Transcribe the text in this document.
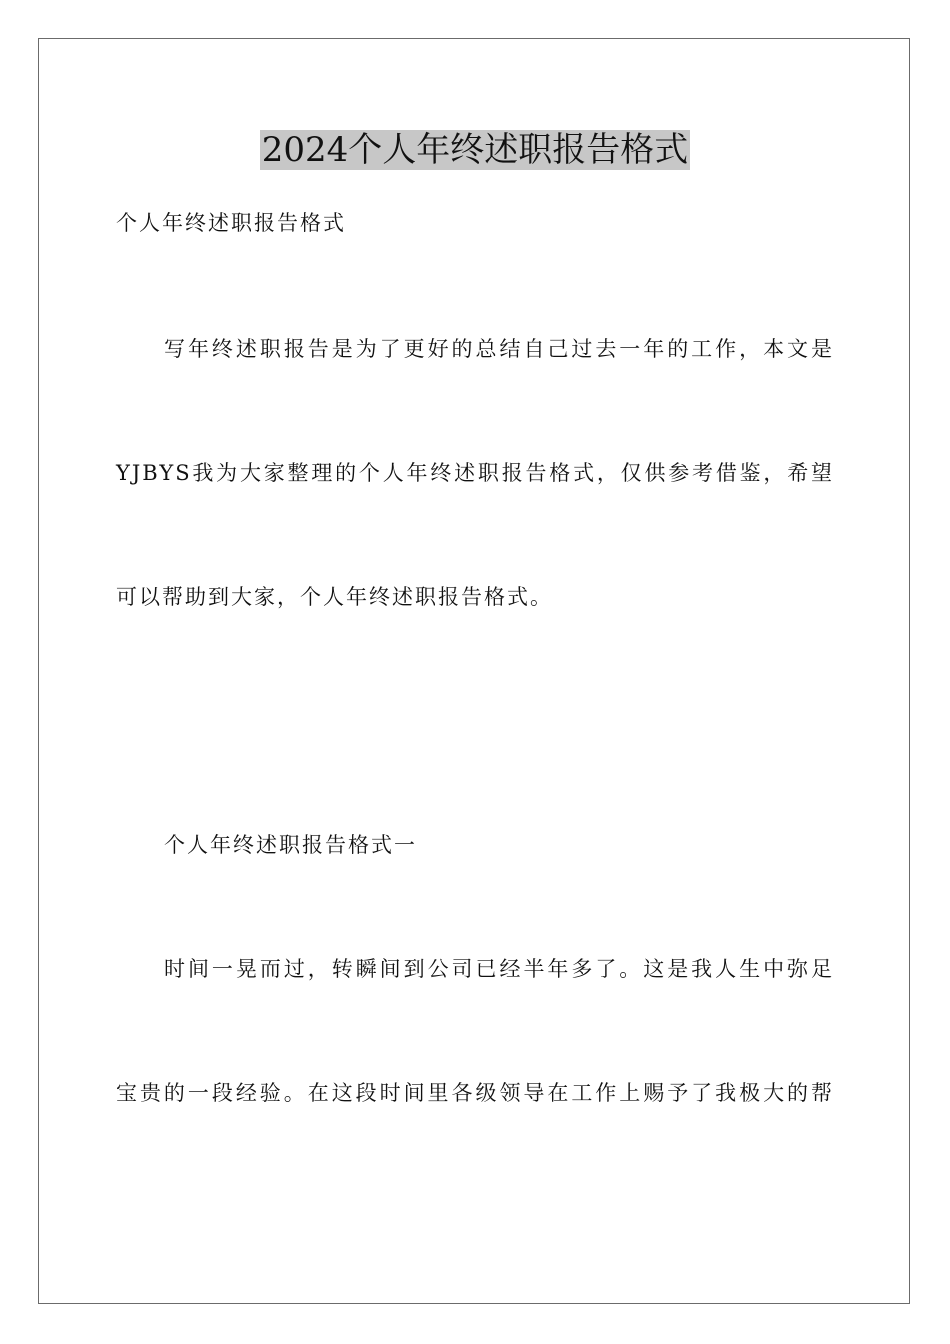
2024个人年终述职报告格式
个人年终述职报告格式
写年终述职报告是为了更好的总结自己过去一年的工作，本文是
YJBYS我为大家整理的个人年终述职报告格式，仅供参考借鉴，希望
可以帮助到大家，个人年终述职报告格式。
个人年终述职报告格式一
时间一晃而过，转瞬间到公司已经半年多了。这是我人生中弥足
宝贵的一段经验。在这段时间里各级领导在工作上赐予了我极大的帮
